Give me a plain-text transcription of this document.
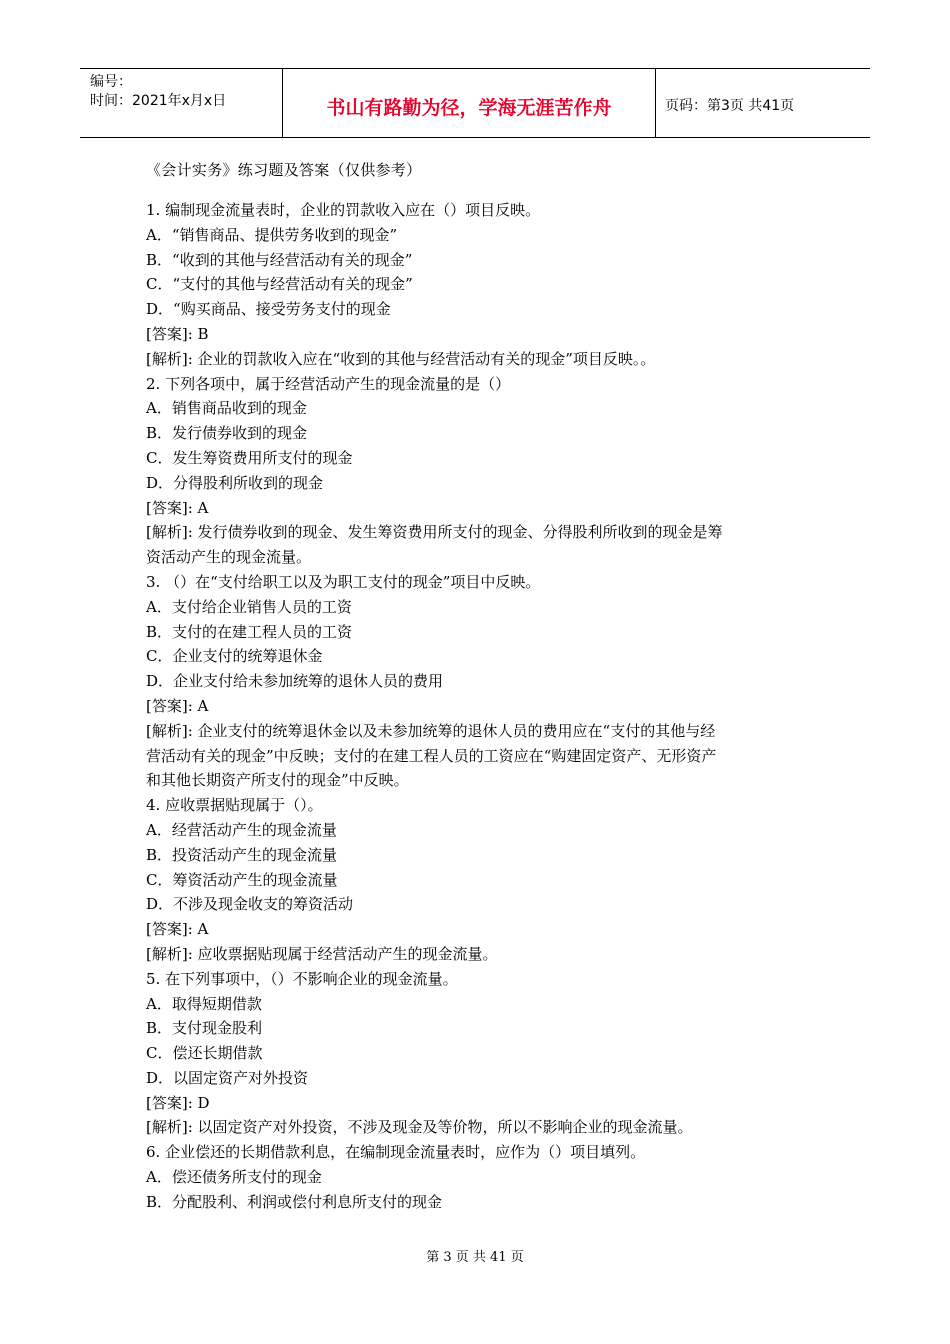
编号：
时间：2021年x月x日	书山有路勤为径，学海无涯苦作舟	页码：第3页 共41页

《会计实务》练习题及答案（仅供参考）

1. 编制现金流量表时，企业的罚款收入应在（）项目反映。

A．“销售商品、提供劳务收到的现金”

B．“收到的其他与经营活动有关的现金”

C．“支付的其他与经营活动有关的现金”

D．“购买商品、接受劳务支付的现金

[答案]: B

[解析]: 企业的罚款收入应在“收到的其他与经营活动有关的现金”项目反映。。

2. 下列各项中，属于经营活动产生的现金流量的是（）

A．销售商品收到的现金

B．发行债券收到的现金

C．发生筹资费用所支付的现金

D．分得股利所收到的现金

[答案]: A

[解析]: 发行债券收到的现金、发生筹资费用所支付的现金、分得股利所收到的现金是筹

资活动产生的现金流量。

3. （）在“支付给职工以及为职工支付的现金”项目中反映。

A．支付给企业销售人员的工资

B．支付的在建工程人员的工资

C．企业支付的统筹退休金

D．企业支付给未参加统筹的退休人员的费用

[答案]: A

[解析]: 企业支付的统筹退休金以及未参加统筹的退休人员的费用应在“支付的其他与经

营活动有关的现金”中反映；支付的在建工程人员的工资应在“购建固定资产、无形资产

和其他长期资产所支付的现金”中反映。

4. 应收票据贴现属于（）。

A．经营活动产生的现金流量

B．投资活动产生的现金流量

C．筹资活动产生的现金流量

D．不涉及现金收支的筹资活动

[答案]: A

[解析]: 应收票据贴现属于经营活动产生的现金流量。

5. 在下列事项中，（）不影响企业的现金流量。

A．取得短期借款

B．支付现金股利

C．偿还长期借款

D．以固定资产对外投资

[答案]: D

[解析]: 以固定资产对外投资，不涉及现金及等价物，所以不影响企业的现金流量。

6. 企业偿还的长期借款利息，在编制现金流量表时，应作为（）项目填列。

A．偿还债务所支付的现金

B．分配股利、利润或偿付利息所支付的现金

第 3 页 共 41 页
